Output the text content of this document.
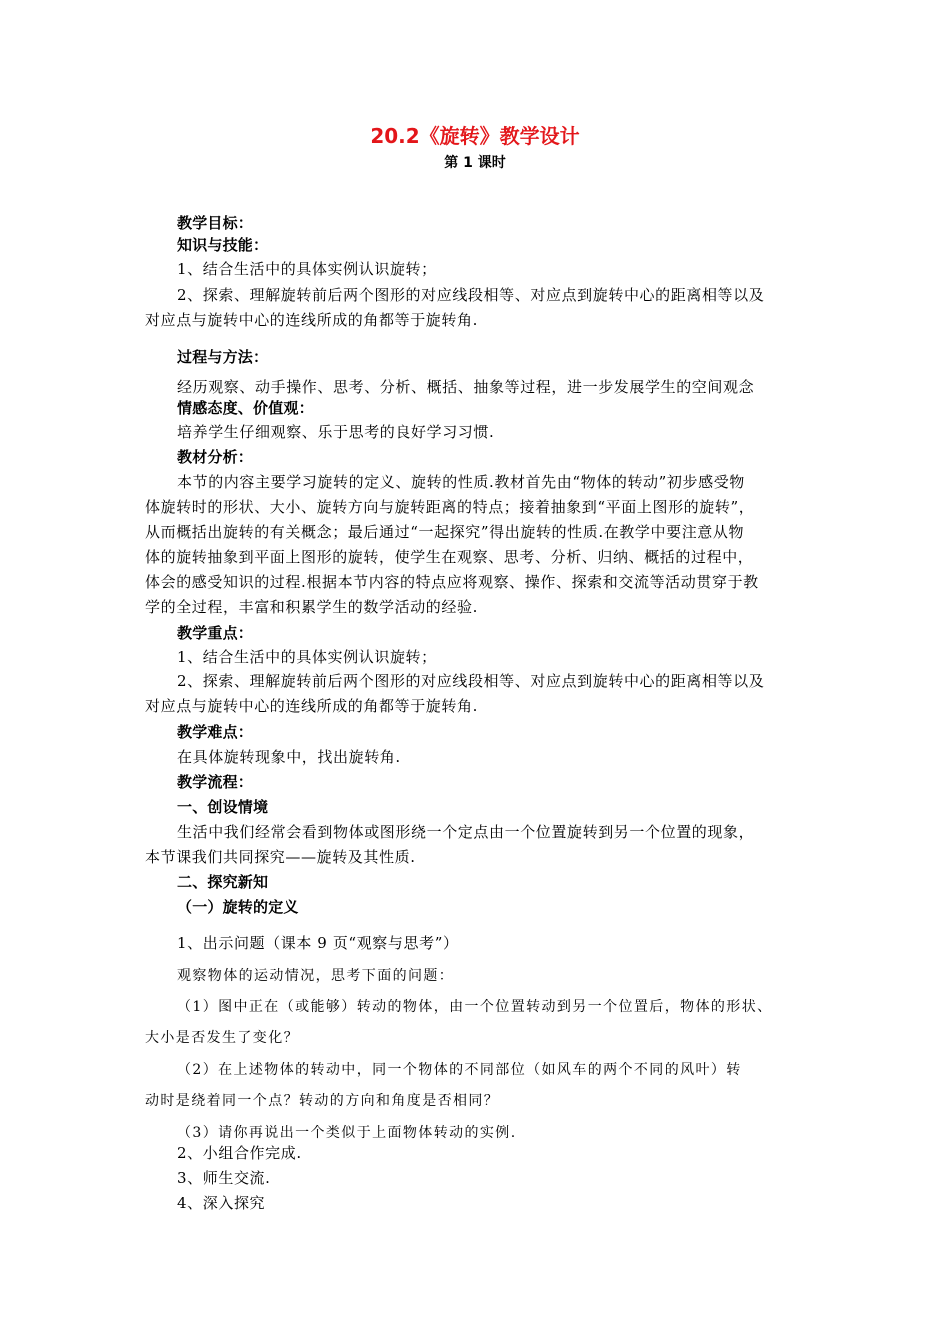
20.2《旋转》教学设计
第 1 课时
教学目标：
知识与技能：
1、结合生活中的具体实例认识旋转；
2、探索、理解旋转前后两个图形的对应线段相等、对应点到旋转中心的距离相等以及
对应点与旋转中心的连线所成的角都等于旋转角.
过程与方法：
经历观察、动手操作、思考、分析、概括、抽象等过程，进一步发展学生的空间观念
情感态度、价值观：
培养学生仔细观察、乐于思考的良好学习习惯.
教材分析：
本节的内容主要学习旋转的定义、旋转的性质.教材首先由“物体的转动”初步感受物
体旋转时的形状、大小、旋转方向与旋转距离的特点；接着抽象到“平面上图形的旋转”，
从而概括出旋转的有关概念；最后通过“一起探究”得出旋转的性质.在教学中要注意从物
体的旋转抽象到平面上图形的旋转，使学生在观察、思考、分析、归纳、概括的过程中，
体会的感受知识的过程.根据本节内容的特点应将观察、操作、探索和交流等活动贯穿于教
学的全过程，丰富和积累学生的数学活动的经验.
教学重点：
1、结合生活中的具体实例认识旋转；
2、探索、理解旋转前后两个图形的对应线段相等、对应点到旋转中心的距离相等以及
对应点与旋转中心的连线所成的角都等于旋转角.
教学难点：
在具体旋转现象中，找出旋转角.
教学流程：
一、创设情境
生活中我们经常会看到物体或图形绕一个定点由一个位置旋转到另一个位置的现象，
本节课我们共同探究——旋转及其性质.
二、探究新知
（一）旋转的定义
1、出示问题（课本 9 页“观察与思考”）
观察物体的运动情况，思考下面的问题：
（1）图中正在（或能够）转动的物体，由一个位置转动到另一个位置后，物体的形状、
大小是否发生了变化？
（2）在上述物体的转动中，同一个物体的不同部位（如风车的两个不同的风叶）转
动时是绕着同一个点？转动的方向和角度是否相同？
（3）请你再说出一个类似于上面物体转动的实例.
2、小组合作完成.
3、师生交流.
4、深入探究
